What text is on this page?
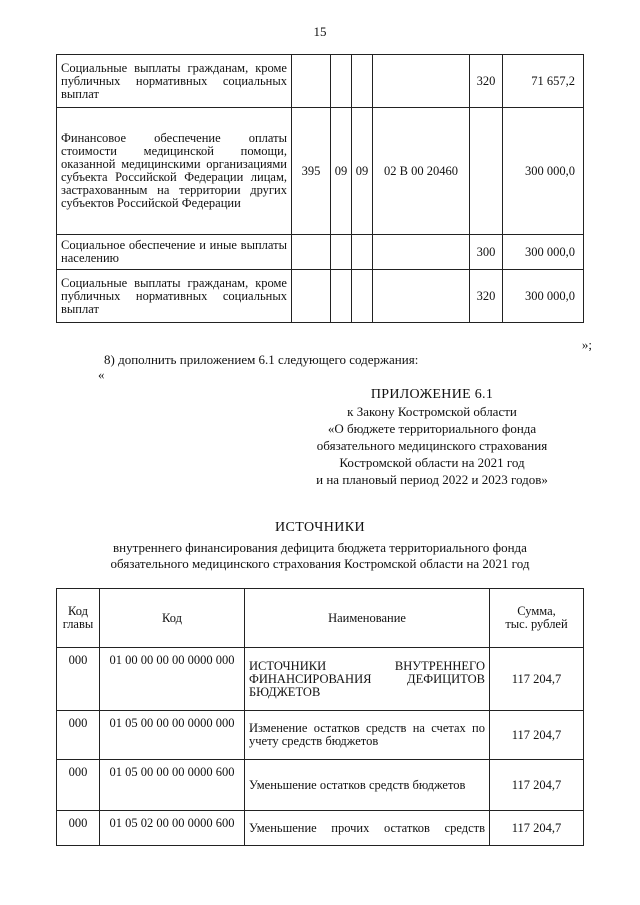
15
Социальные выплаты гражданам, кроме публичных нормативных социальных выплат					320	71 657,2
Финансовое обеспечение оплаты стоимости медицинской помощи, оказанной медицинскими организациями субъекта Российской Федерации лицам, застрахованным на территории других субъектов Российской Федерации	395	09	09	02 В 00 20460		300 000,0
Социальное обеспечение и иные выплаты населению					300	300 000,0
Социальные выплаты гражданам, кроме публичных нормативных социальных выплат					320	300 000,0
»;
8) дополнить приложением 6.1 следующего содержания:
«
ПРИЛОЖЕНИЕ 6.1
к Закону Костромской области
«О бюджете территориального фонда
обязательного медицинского страхования
Костромской области на 2021 год
и на плановый период 2022 и 2023 годов»
ИСТОЧНИКИ
внутреннего финансирования дефицита бюджета территориального фонда
обязательного медицинского страхования Костромской области на 2021 год
Код главы	Код	Наименование	Сумма,
тыс. рублей

000	01 00 00 00 00 0000 000	ИСТОЧНИКИ ВНУТРЕННЕГО ФИНАНСИРОВАНИЯ ДЕФИЦИТОВ БЮДЖЕТОВ	117 204,7
000	01 05 00 00 00 0000 000	Изменение остатков средств на счетах по учету средств бюджетов	117 204,7
000	01 05 00 00 00 0000 600	Уменьшение остатков средств бюджетов	117 204,7
000	01 05 02 00 00 0000 600	Уменьшение прочих остатков средств	117 204,7
